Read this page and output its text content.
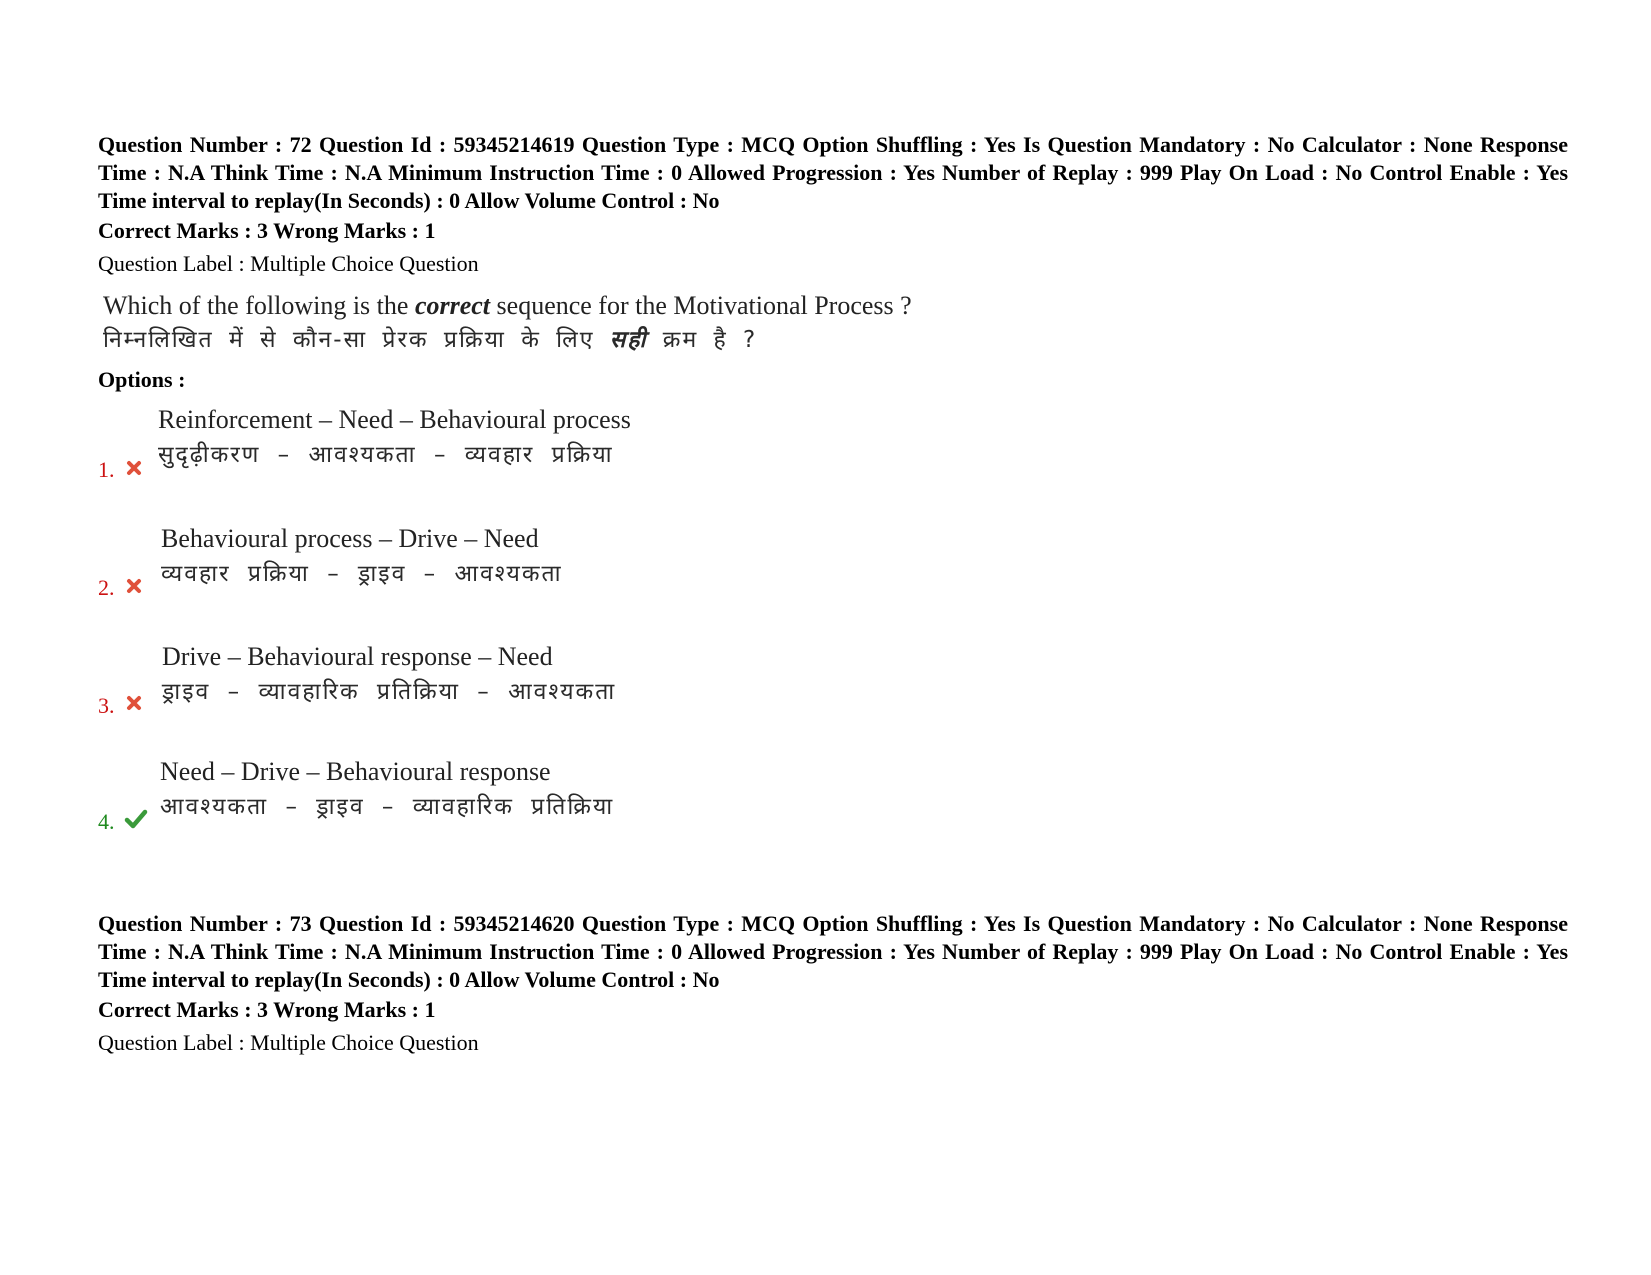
Question Number : 72 Question Id : 59345214619 Question Type : MCQ Option Shuffling : Yes Is Question Mandatory : No Calculator : None Response Time : N.A Think Time : N.A Minimum Instruction Time : 0 Allowed Progression : Yes Number of Replay : 999 Play On Load : No Control Enable : Yes Time interval to replay(In Seconds) : 0 Allow Volume Control : No
Correct Marks : 3 Wrong Marks : 1
Question Label : Multiple Choice Question
Which of the following is the correct sequence for the Motivational Process ?
निम्नलिखित में से कौन-सा प्रेरक प्रक्रिया के लिए सही क्रम है ?
Options :
1.
Reinforcement – Need – Behavioural process
सुदृढ़ीकरण – आवश्यकता – व्यवहार प्रक्रिया
2.
Behavioural process – Drive – Need
व्यवहार प्रक्रिया – ड्राइव – आवश्यकता
3.
Drive – Behavioural response – Need
ड्राइव – व्यावहारिक प्रतिक्रिया – आवश्यकता
4.
Need – Drive – Behavioural response
आवश्यकता – ड्राइव – व्यावहारिक प्रतिक्रिया
Question Number : 73 Question Id : 59345214620 Question Type : MCQ Option Shuffling : Yes Is Question Mandatory : No Calculator : None Response Time : N.A Think Time : N.A Minimum Instruction Time : 0 Allowed Progression : Yes Number of Replay : 999 Play On Load : No Control Enable : Yes Time interval to replay(In Seconds) : 0 Allow Volume Control : No
Correct Marks : 3 Wrong Marks : 1
Question Label : Multiple Choice Question
